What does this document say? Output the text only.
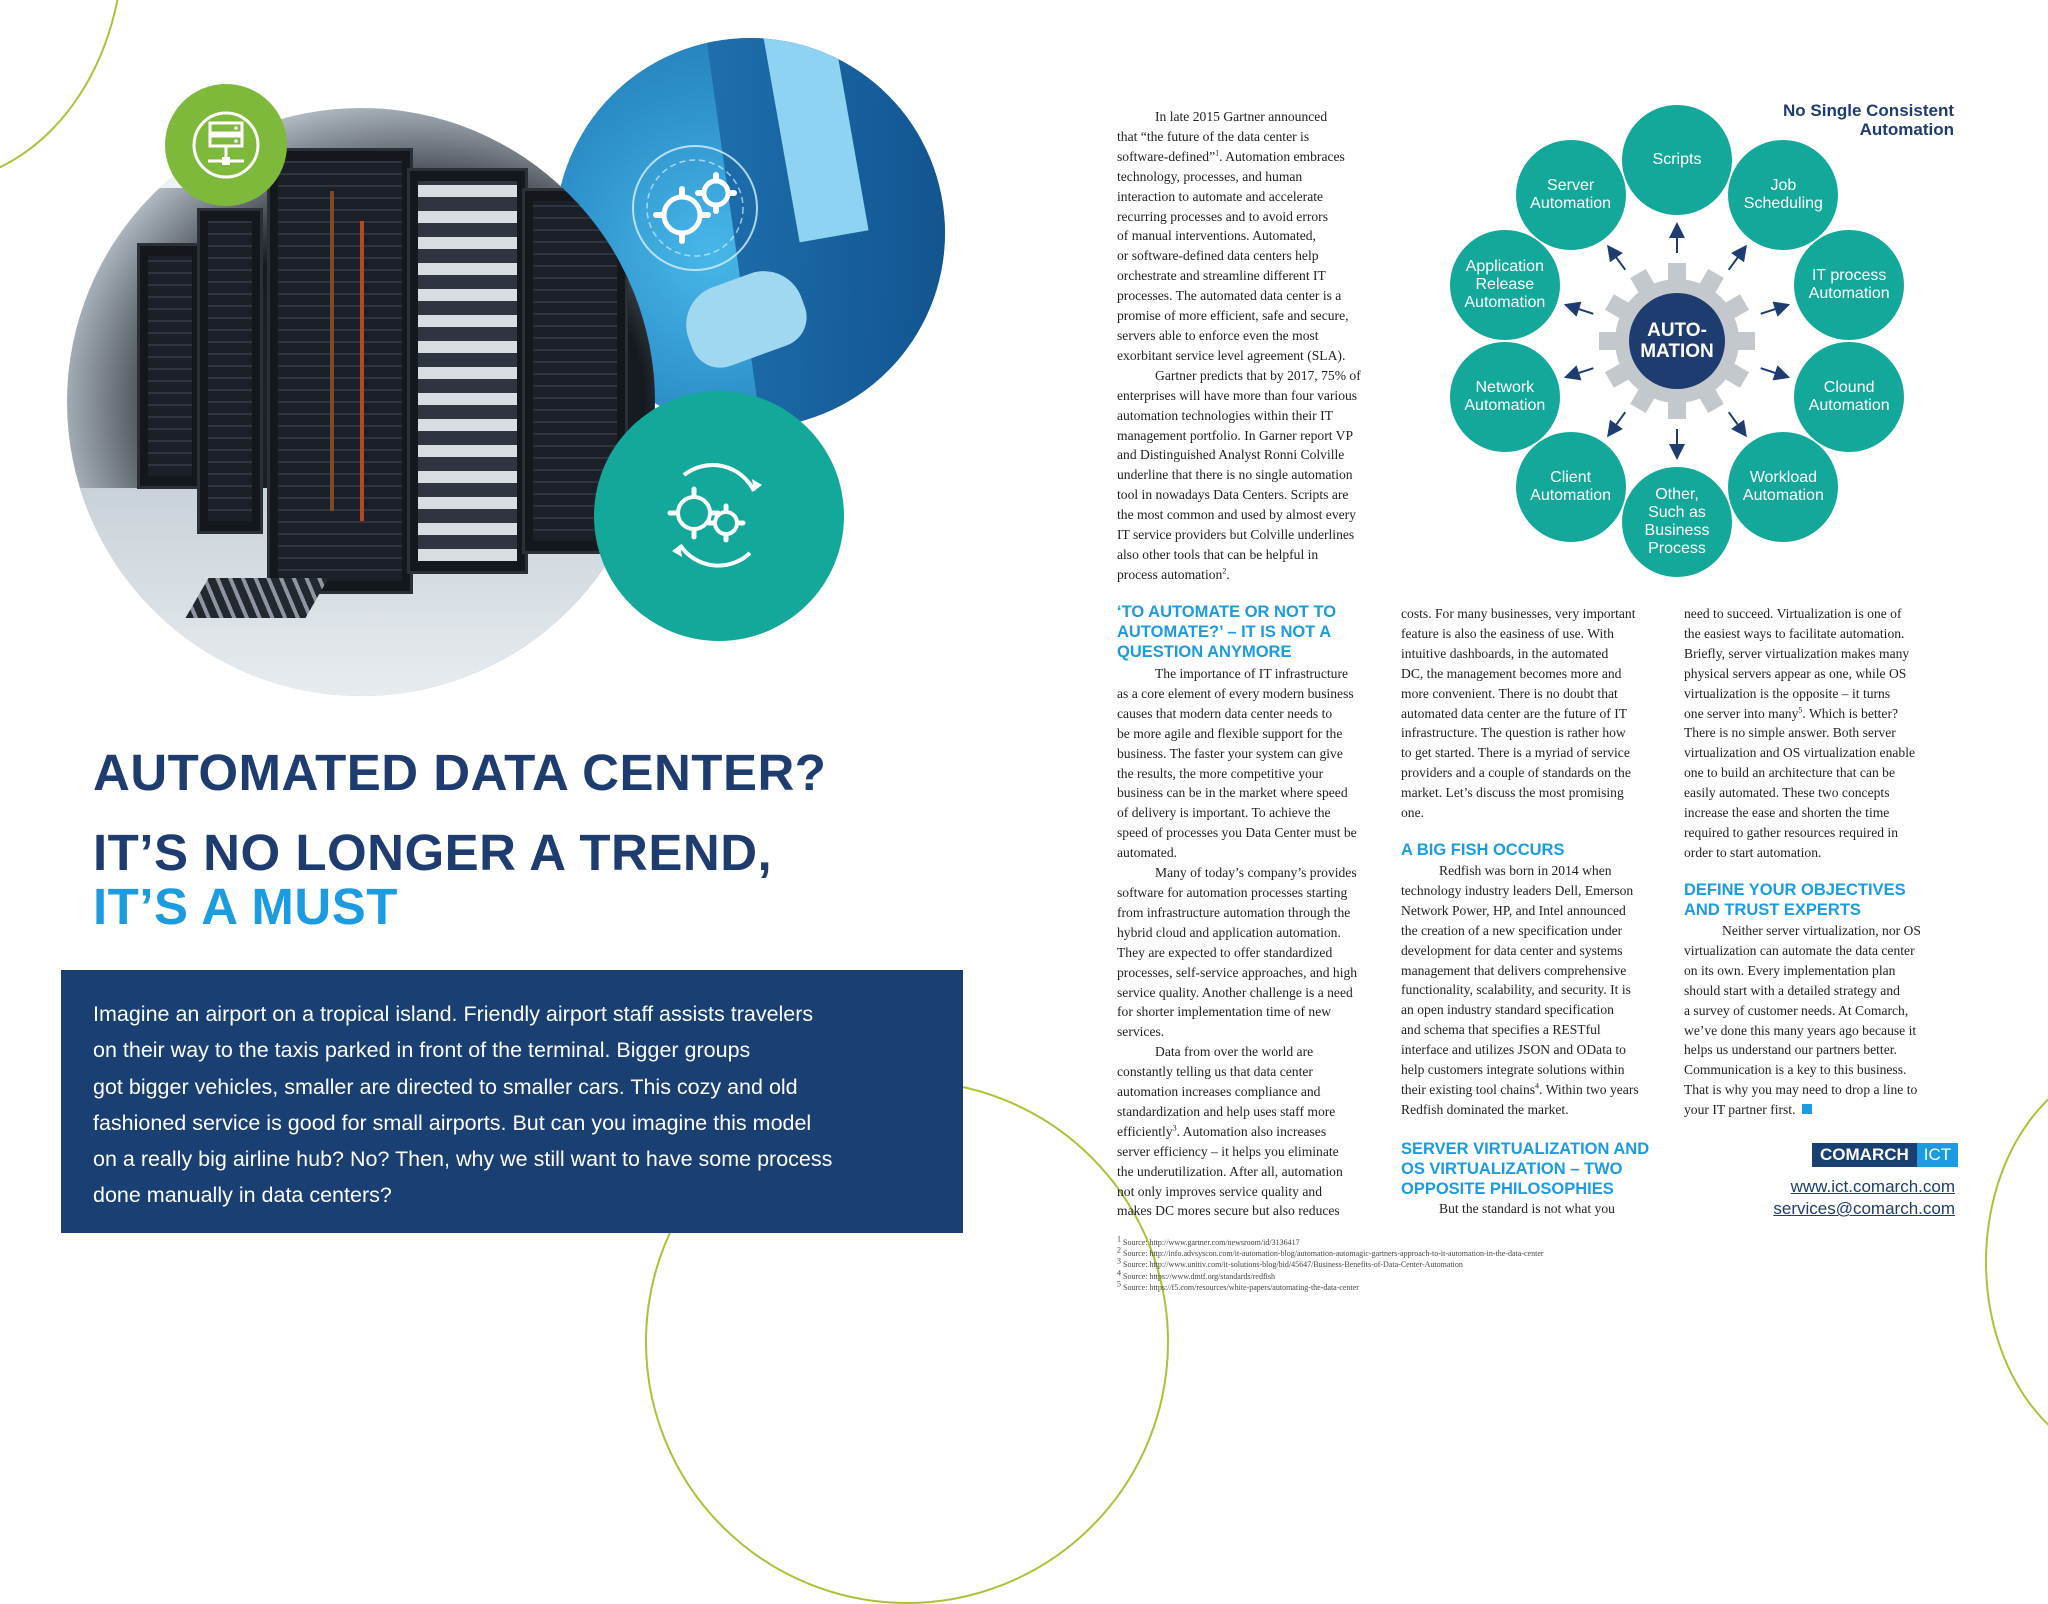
AUTOMATED DATA CENTER?
IT’S NO LONGER A TREND,
IT’S A MUST
Imagine an airport on a tropical island. Friendly airport staff assists travelers
on their way to the taxis parked in front of the terminal. Bigger groups
got bigger vehicles, smaller are directed to smaller cars. This cozy and old
fashioned service is good for small airports. But can you imagine this model
on a really big airline hub? No? Then, why we still want to have some process
done manually in data centers?

In late 2015 Gartner announced

that “the future of the data center is
software-defined”$^1$. Automation embraces
technology, processes, and human
interaction to automate and accelerate
recurring processes and to avoid errors
of manual interventions. Automated,
or software-defined data centers help
orchestrate and streamline different IT
processes. The automated data center is a
promise of more efficient, safe and secure,
servers able to enforce even the most
exorbitant service level agreement (SLA).
Gartner predicts that by 2017, 75% of
enterprises will have more than four various
automation technologies within their IT
management portfolio. In Garner report VP
and Distinguished Analyst Ronni Colville
underline that there is no single automation
tool in nowadays Data Centers. Scripts are
the most common and used by almost every
IT service providers but Colville underlines
also other tools that can be helpful in
process automation$^2$.
No Single Consistent
Automation
AUTO-
MATION
Scripts
Job
Scheduling
IT process
Automation
Clound
Automation
Workload
Automation
Other,
Such as
Business
Process
Client
Automation
Network
Automation
Application
Release
Automation
Server
Automation
‘TO AUTOMATE OR NOT TO
AUTOMATE?’ – IT IS NOT A
QUESTION ANYMORE
The importance of IT infrastructure
as a core element of every modern business
causes that modern data center needs to
be more agile and flexible support for the
business. The faster your system can give
the results, the more competitive your
business can be in the market where speed
of delivery is important. To achieve the
speed of processes you Data Center must be
automated.
Many of today’s company’s provides
software for automation processes starting
from infrastructure automation through the
hybrid cloud and application automation.
They are expected to offer standardized
processes, self-service approaches, and high
service quality. Another challenge is a need
for shorter implementation time of new
services.
Data from over the world are
constantly telling us that data center
automation increases compliance and
standardization and help uses staff more
efficiently$^3$. Automation also increases
server efficiency – it helps you eliminate
the underutilization. After all, automation
not only improves service quality and
makes DC mores secure but also reduces
costs. For many businesses, very important
feature is also the easiness of use. With
intuitive dashboards, in the automated
DC, the management becomes more and
more convenient. There is no doubt that
automated data center are the future of IT
infrastructure. The question is rather how
to get started. There is a myriad of service
providers and a couple of standards on the
market. Let’s discuss the most promising
one.
A BIG FISH OCCURS
Redfish was born in 2014 when
technology industry leaders Dell, Emerson
Network Power, HP, and Intel announced
the creation of a new specification under
development for data center and systems
management that delivers comprehensive
functionality, scalability, and security. It is
an open industry standard specification
and schema that specifies a RESTful
interface and utilizes JSON and OData to
help customers integrate solutions within
their existing tool chains$^4$. Within two years
Redfish dominated the market.
SERVER VIRTUALIZATION AND
OS VIRTUALIZATION – TWO
OPPOSITE PHILOSOPHIES
But the standard is not what you
need to succeed. Virtualization is one of
the easiest ways to facilitate automation.
Briefly, server virtualization makes many
physical servers appear as one, while OS
virtualization is the opposite – it turns
one server into many$^5$. Which is better?
There is no simple answer. Both server
virtualization and OS virtualization enable
one to build an architecture that can be
easily automated. These two concepts
increase the ease and shorten the time
required to gather resources required in
order to start automation.
DEFINE YOUR OBJECTIVES
AND TRUST EXPERTS
Neither server virtualization, nor OS
virtualization can automate the data center
on its own. Every implementation plan
should start with a detailed strategy and
a survey of customer needs. At Comarch,
we’ve done this many years ago because it
helps us understand our partners better.
Communication is a key to this business.
That is why you may need to drop a line to
your IT partner first.
COMARCH ICT
www.ict.comarch.com
services@comarch.com
1 Source: http://www.gartner.com/newsroom/id/3136417
2 Source: http://info.advsyscon.com/it-automation-blog/automation-automagic-gartners-approach-to-it-automation-in-the-data-center
3 Source: http://www.unitiv.com/it-solutions-blog/bid/45647/Business-Benefits-of-Data-Center-Automation
4 Source: https://www.dmtf.org/standards/redfish
5 Source: https://f5.com/resources/white-papers/automating-the-data-center
